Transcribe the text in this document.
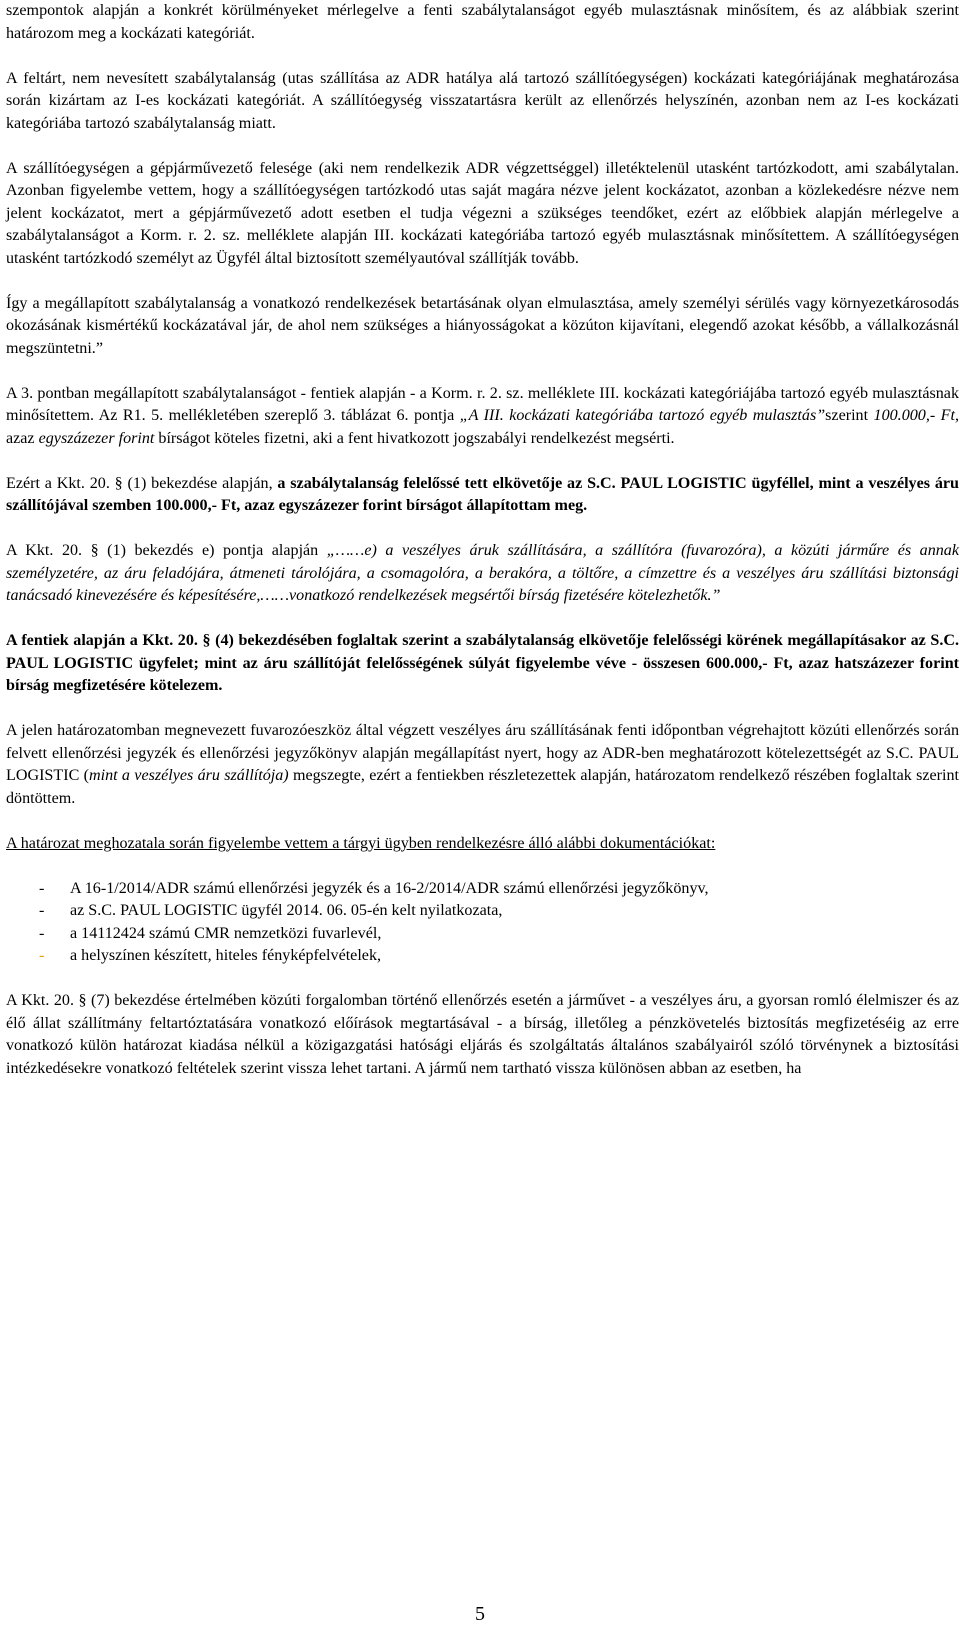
szempontok alapján a konkrét körülményeket mérlegelve a fenti szabálytalanságot egyéb mulasztásnak minősítem, és az alábbiak szerint határozom meg a kockázati kategóriát.

A feltárt, nem nevesített szabálytalanság (utas szállítása az ADR hatálya alá tartozó szállítóegységen) kockázati kategóriájának meghatározása során kizártam az I-es kockázati kategóriát. A szállítóegység visszatartásra került az ellenőrzés helyszínén, azonban nem az I-es kockázati kategóriába tartozó szabálytalanság miatt.

A szállítóegységen a gépjárművezető felesége (aki nem rendelkezik ADR végzettséggel) illetéktelenül utasként tartózkodott, ami szabálytalan. Azonban figyelembe vettem, hogy a szállítóegységen tartózkodó utas saját magára nézve jelent kockázatot, azonban a közlekedésre nézve nem jelent kockázatot, mert a gépjárművezető adott esetben el tudja végezni a szükséges teendőket, ezért az előbbiek alapján mérlegelve a szabálytalanságot a Korm. r. 2. sz. melléklete alapján III. kockázati kategóriába tartozó egyéb mulasztásnak minősítettem. A szállítóegységen utasként tartózkodó személyt az Ügyfél által biztosított személyautóval szállítják tovább.

Így a megállapított szabálytalanság a vonatkozó rendelkezések betartásának olyan elmulasztása, amely személyi sérülés vagy környezetkárosodás okozásának kismértékű kockázatával jár, de ahol nem szükséges a hiányosságokat a közúton kijavítani, elegendő azokat később, a vállalkozásnál megszüntetni.”

A 3. pontban megállapított szabálytalanságot - fentiek alapján - a Korm. r. 2. sz. melléklete III. kockázati kategóriájába tartozó egyéb mulasztásnak minősítettem. Az R1. 5. mellékletében szereplő 3. táblázat 6. pontja „A III. kockázati kategóriába tartozó egyéb mulasztás”szerint 100.000,- Ft, azaz egyszázezer forint bírságot köteles fizetni, aki a fent hivatkozott jogszabályi rendelkezést megsérti.

Ezért a Kkt. 20. § (1) bekezdése alapján, a szabálytalanság felelőssé tett elkövetője az S.C. PAUL LOGISTIC ügyféllel, mint a veszélyes áru szállítójával szemben 100.000,- Ft, azaz egyszázezer forint bírságot állapítottam meg.

A Kkt. 20. § (1) bekezdés e) pontja alapján „……e) a veszélyes áruk szállítására, a szállítóra (fuvarozóra), a közúti járműre és annak személyzetére, az áru feladójára, átmeneti tárolójára, a csomagolóra, a berakóra, a töltőre, a címzettre és a veszélyes áru szállítási biztonsági tanácsadó kinevezésére és képesítésére,……vonatkozó rendelkezések megsértői bírság fizetésére kötelezhetők.”

A fentiek alapján a Kkt. 20. § (4) bekezdésében foglaltak szerint a szabálytalanság elkövetője felelősségi körének megállapításakor az S.C. PAUL LOGISTIC ügyfelet; mint az áru szállítóját felelősségének súlyát figyelembe véve - összesen 600.000,- Ft, azaz hatszázezer forint bírság megfizetésére kötelezem.

A jelen határozatomban megnevezett fuvarozóeszköz által végzett veszélyes áru szállításának fenti időpontban végrehajtott közúti ellenőrzés során felvett ellenőrzési jegyzék és ellenőrzési jegyzőkönyv alapján megállapítást nyert, hogy az ADR-ben meghatározott kötelezettségét az S.C. PAUL LOGISTIC (mint a veszélyes áru szállítója) megszegte, ezért a fentiekben részletezettek alapján, határozatom rendelkező részében foglaltak szerint döntöttem.

A határozat meghozatala során figyelembe vettem a tárgyi ügyben rendelkezésre álló alábbi dokumentációkat:

- A 16-1/2014/ADR számú ellenőrzési jegyzék és a 16-2/2014/ADR számú ellenőrzési jegyzőkönyv,
- az S.C. PAUL LOGISTIC ügyfél 2014. 06. 05-én kelt nyilatkozata,
- a 14112424 számú CMR nemzetközi fuvarlevél,
- a helyszínen készített, hiteles fényképfelvételek,

A Kkt. 20. § (7) bekezdése értelmében közúti forgalomban történő ellenőrzés esetén a járművet - a veszélyes áru, a gyorsan romló élelmiszer és az élő állat szállítmány feltartóztatására vonatkozó előírások megtartásával - a bírság, illetőleg a pénzkövetelés biztosítás megfizetéséig az erre vonatkozó külön határozat kiadása nélkül a közigazgatási hatósági eljárás és szolgáltatás általános szabályairól szóló törvénynek a biztosítási intézkedésekre vonatkozó feltételek szerint vissza lehet tartani. A jármű nem tartható vissza különösen abban az esetben, ha

5
